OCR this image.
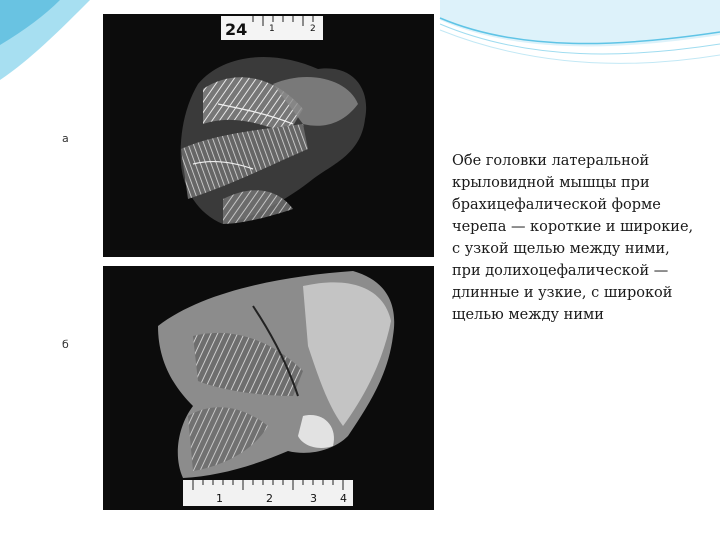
а
б
24 1	2
1	2	3 4
Обе головки латеральной крыловидной мышцы при брахицефалической форме черепа — короткие и широкие, с узкой щелью между ними, при долихоцефалической — длинные и узкие, с широкой щелью между ними
